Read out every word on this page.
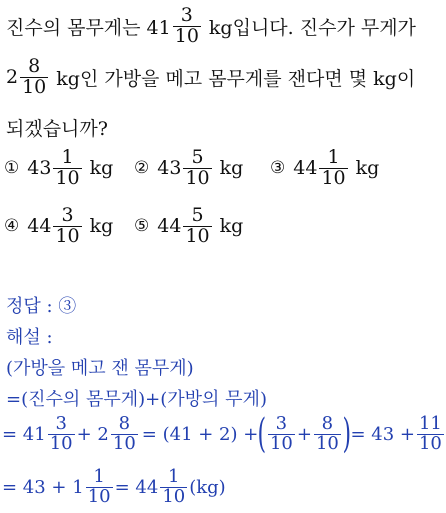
진수의 몸무게는 $41 \frac{3}{10}$ kg입니다. 진수가 무게가
$2 \frac{8}{10}$ kg인 가방을 메고 몸무게를 잰다면 몇 kg이
되겠습니까?
① $43 \frac{1}{10}$ kg ② $43 \frac{5}{10}$ kg ③ $44 \frac{1}{10}$ kg
④ $44 \frac{3}{10}$ kg ⑤ $44 \frac{5}{10}$ kg
정답 : ③
해설 :
(가방을 메고 잰 몸무게)
=(진수의 몸무게)+(가방의 무게)
= $41 \frac{3}{10} + 2 \frac{8}{10} = (41 + 2)$ + ( $\frac{3}{10} + \frac{8}{10}$ ) = $43 + \frac{11}{10}$
= $43 + 1 \frac{1}{10} = 44 \frac{1}{10} (kg)$
